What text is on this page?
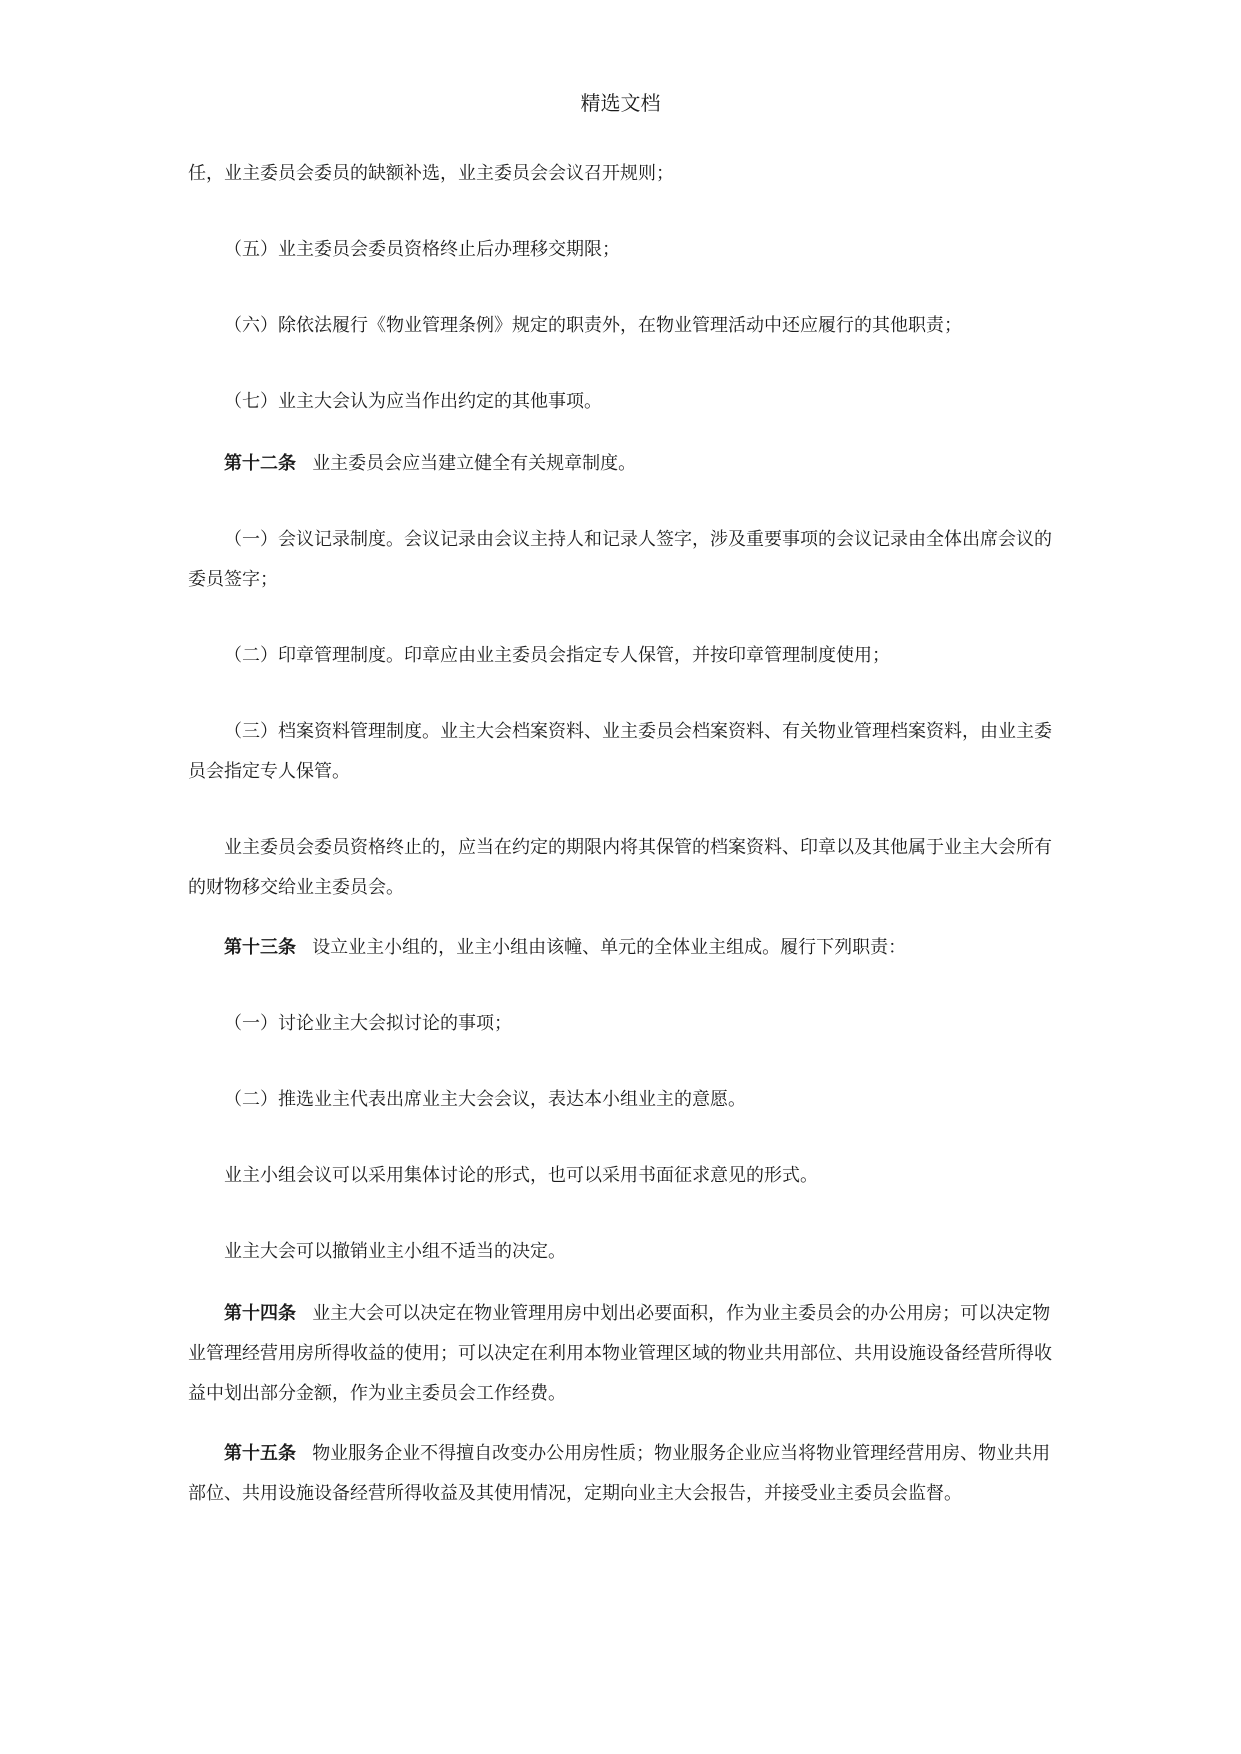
精选文档

任，业主委员会委员的缺额补选，业主委员会会议召开规则；

（五）业主委员会委员资格终止后办理移交期限；

（六）除依法履行《物业管理条例》规定的职责外，在物业管理活动中还应履行的其他职责；

（七）业主大会认为应当作出约定的其他事项。

第十二条 业主委员会应当建立健全有关规章制度。

（一）会议记录制度。会议记录由会议主持人和记录人签字，涉及重要事项的会议记录由全体出席会议的委员签字；

（二）印章管理制度。印章应由业主委员会指定专人保管，并按印章管理制度使用；

（三）档案资料管理制度。业主大会档案资料、业主委员会档案资料、有关物业管理档案资料，由业主委员会指定专人保管。

业主委员会委员资格终止的，应当在约定的期限内将其保管的档案资料、印章以及其他属于业主大会所有的财物移交给业主委员会。

第十三条 设立业主小组的，业主小组由该幢、单元的全体业主组成。履行下列职责：

（一）讨论业主大会拟讨论的事项；

（二）推选业主代表出席业主大会会议，表达本小组业主的意愿。

业主小组会议可以采用集体讨论的形式，也可以采用书面征求意见的形式。

业主大会可以撤销业主小组不适当的决定。

第十四条 业主大会可以决定在物业管理用房中划出必要面积，作为业主委员会的办公用房；可以决定物业管理经营用房所得收益的使用；可以决定在利用本物业管理区域的物业共用部位、共用设施设备经营所得收益中划出部分金额，作为业主委员会工作经费。

第十五条 物业服务企业不得擅自改变办公用房性质；物业服务企业应当将物业管理经营用房、物业共用部位、共用设施设备经营所得收益及其使用情况，定期向业主大会报告，并接受业主委员会监督。
